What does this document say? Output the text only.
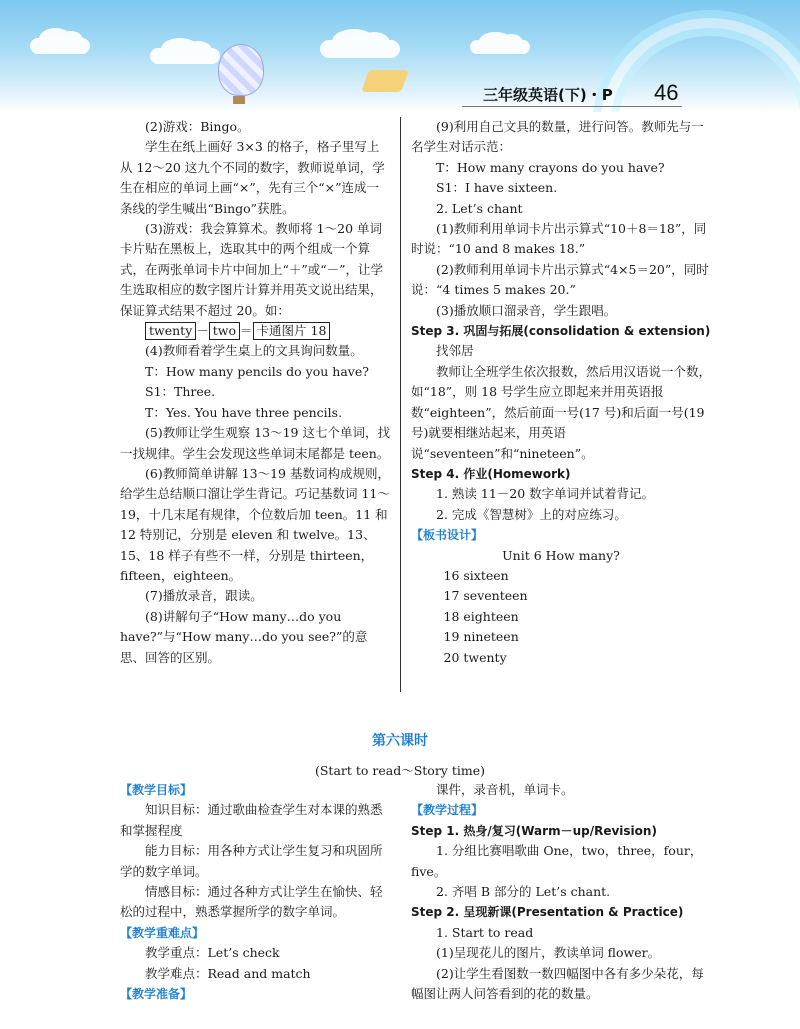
三年级英语(下)・P 46

(2)游戏：Bingo。

学生在纸上画好 3×3 的格子，格子里写上从 12～20 这九个不同的数字，教师说单词，学生在相应的单词上画“×”，先有三个“×”连成一条线的学生喊出“Bingo”获胜。

(3)游戏：我会算算术。教师将 1～20 单词卡片贴在黑板上，选取其中的两个组成一个算式，在两张单词卡片中间加上“＋”或“－”，让学生选取相应的数字图片计算并用英文说出结果，保证算式结果不超过 20。如：

twenty － two ＝ 卡通图片 18

(4)教师看着学生桌上的文具询问数量。

T：How many pencils do you have?

S1：Three.

T：Yes. You have three pencils.

(5)教师让学生观察 13～19 这七个单词，找一找规律。学生会发现这些单词末尾都是 teen。

(6)教师简单讲解 13～19 基数词构成规则，给学生总结顺口溜让学生背记。巧记基数词 11～19，十几末尾有规律，个位数后加 teen。11 和 12 特别记，分别是 eleven 和 twelve。13、15、18 样子有些不一样，分别是 thirteen，fifteen，eighteen。

(7)播放录音，跟读。

(8)讲解句子“How many…do you have?”与“How many…do you see?”的意思、回答的区别。

(9)利用自己文具的数量，进行问答。教师先与一名学生对话示范：

T：How many crayons do you have?

S1：I have sixteen.

2. Let’s chant

(1)教师利用单词卡片出示算式“10＋8＝18”，同时说：“10 and 8 makes 18.”

(2)教师利用单词卡片出示算式“4×5＝20”，同时说：“4 times 5 makes 20.”

(3)播放顺口溜录音，学生跟唱。

Step 3. 巩固与拓展(consolidation & extension)

找邻居

教师让全班学生依次报数，然后用汉语说一个数，如“18”，则 18 号学生应立即起来并用英语报数“eighteen”，然后前面一号(17 号)和后面一号(19 号)就要相继站起来，用英语说“seventeen”和“nineteen”。

Step 4. 作业(Homework)

1. 熟读 11－20 数字单词并试着背记。

2. 完成《智慧树》上的对应练习。

【板书设计】

Unit 6 How many?

16 sixteen

17 seventeen

18 eighteen

19 nineteen

20 twenty

第六课时
(Start to read～Story time)

【教学目标】

知识目标：通过歌曲检查学生对本课的熟悉和掌握程度

能力目标：用各种方式让学生复习和巩固所学的数字单词。

情感目标：通过各种方式让学生在愉快、轻松的过程中，熟悉掌握所学的数字单词。

【教学重难点】

教学重点：Let’s check

教学难点：Read and match

【教学准备】

课件，录音机，单词卡。

【教学过程】

Step 1. 热身/复习(Warm－up/Revision)

1. 分组比赛唱歌曲 One，two，three，four，five。

2. 齐唱 B 部分的 Let’s chant.

Step 2. 呈现新课(Presentation & Practice)

1. Start to read

(1)呈现花儿的图片，教读单词 flower。

(2)让学生看图数一数四幅图中各有多少朵花，每幅图让两人问答看到的花的数量。
